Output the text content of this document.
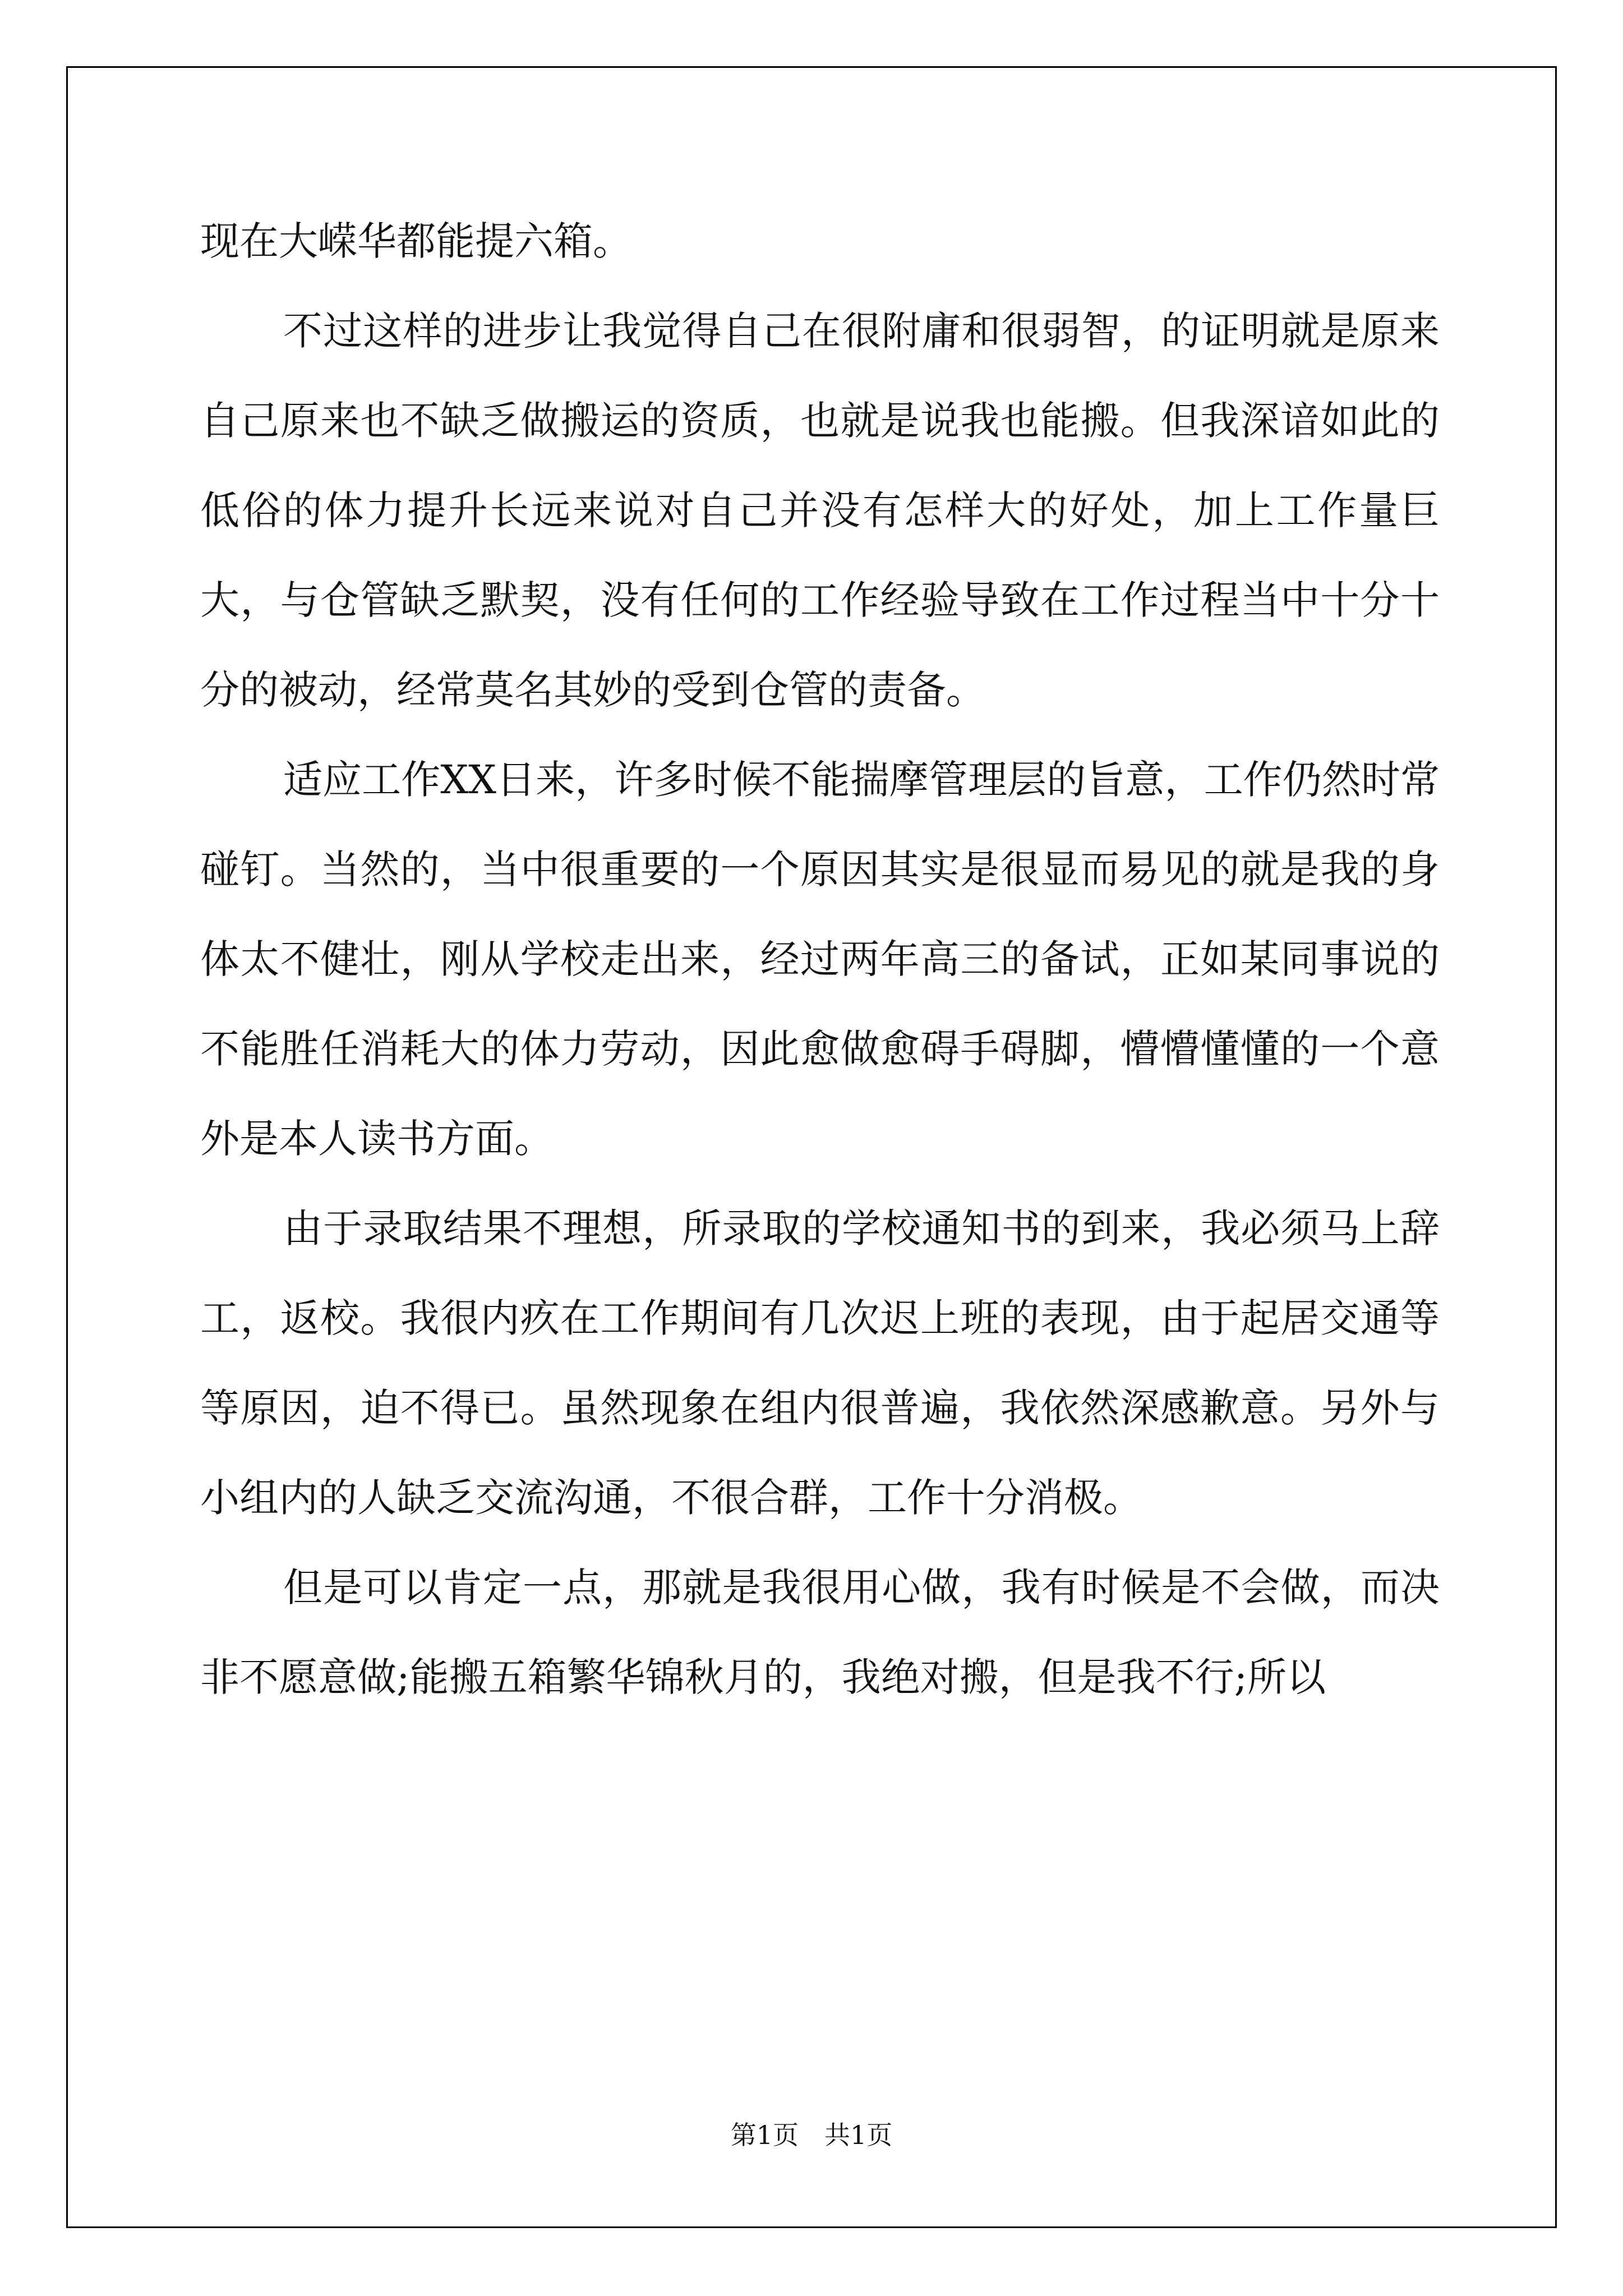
现在大嵘华都能提六箱。

不过这样的进步让我觉得自己在很附庸和很弱智，的证明就是原来自己原来也不缺乏做搬运的资质，也就是说我也能搬。但我深谙如此的低俗的体力提升长远来说对自己并没有怎样大的好处，加上工作量巨大，与仓管缺乏默契，没有任何的工作经验导致在工作过程当中十分十分的被动，经常莫名其妙的受到仓管的责备。

适应工作XX日来，许多时候不能揣摩管理层的旨意，工作仍然时常碰钉。当然的，当中很重要的一个原因其实是很显而易见的就是我的身体太不健壮，刚从学校走出来，经过两年高三的备试，正如某同事说的不能胜任消耗大的体力劳动，因此愈做愈碍手碍脚，懵懵懂懂的一个意外是本人读书方面。

由于录取结果不理想，所录取的学校通知书的到来，我必须马上辞工，返校。我很内疚在工作期间有几次迟上班的表现，由于起居交通等等原因，迫不得已。虽然现象在组内很普遍，我依然深感歉意。另外与小组内的人缺乏交流沟通，不很合群，工作十分消极。

但是可以肯定一点，那就是我很用心做，我有时候是不会做，而决非不愿意做;能搬五箱繁华锦秋月的，我绝对搬，但是我不行;所以

第1页 共1页
